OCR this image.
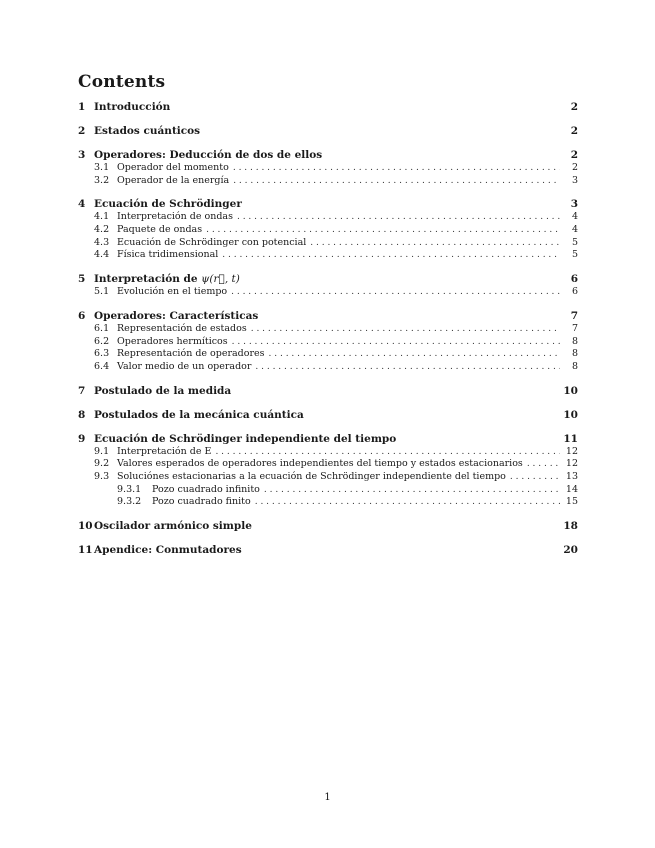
Contents
1 Introducción	2
2 Estados cuánticos	2
3 Operadores: Deducción de dos de ellos	2
3.1 Operador del momento . . .	2
3.2 Operador de la energía . . .	3
4 Ecuación de Schrödinger	3
4.1 Interpretación de ondas . . .	4
4.2 Paquete de ondas . . .	4
4.3 Ecuación de Schrödinger con potencial . . .	5
4.4 Física tridimensional . . .	5
5 Interpretación de ψ(r⃗, t)	6
5.1 Evolución en el tiempo . . .	6
6 Operadores: Características	7
6.1 Representación de estados . . .	7
6.2 Operadores hermíticos . . .	8
6.3 Representación de operadores . . .	8
6.4 Valor medio de un operador . . .	8
7 Postulado de la medida	10
8 Postulados de la mecánica cuántica	10
9 Ecuación de Schrödinger independiente del tiempo	11
9.1 Interpretación de E . . .	12
9.2 Valores esperados de operadores independientes del tiempo y estados estacionarios . . .	12
9.3 Soluciónes estacionarias a la ecuación de Schrödinger independiente del tiempo . . .	13
9.3.1	Pozo cuadrado infinito . . .	14
9.3.2	Pozo cuadrado finito . . .	15
10 Oscilador armónico simple	18
11 Apendice: Conmutadores	20
1
